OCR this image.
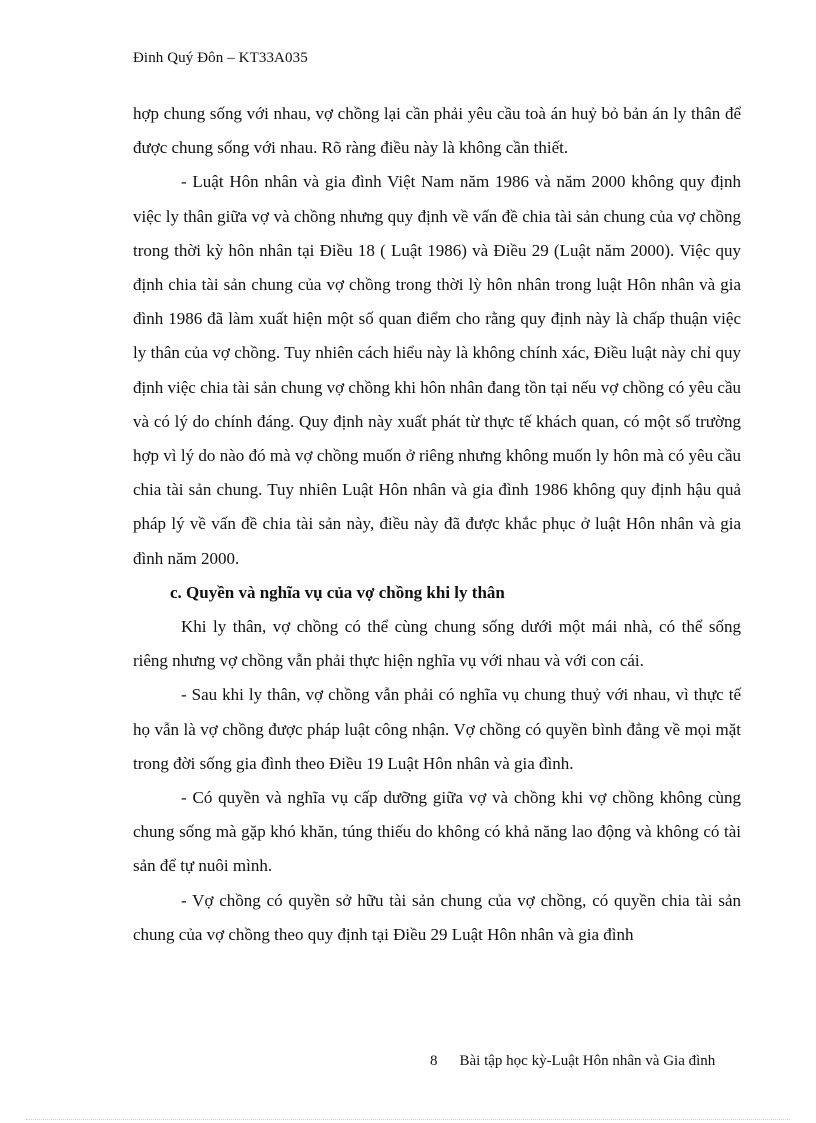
Đinh Quý Đôn – KT33A035

hợp chung sống với nhau, vợ chồng lại cần phải yêu cầu toà án huỷ bỏ bản án ly thân để được chung sống với nhau. Rõ ràng điều này là không cần thiết.

- Luật Hôn nhân và gia đình Việt Nam năm 1986 và năm 2000 không quy định việc ly thân giữa vợ và chồng nhưng quy định về vấn đề chia tài sản chung của vợ chồng trong thời kỳ hôn nhân tại Điều 18 ( Luật 1986) và Điều 29 (Luật năm 2000). Việc quy định chia tài sản chung của vợ chồng trong thời lỳ hôn nhân trong luật Hôn nhân và gia đình 1986 đã làm xuất hiện một số quan điểm cho rằng quy định này là chấp thuận việc ly thân của vợ chồng. Tuy nhiên cách hiểu này là không chính xác, Điều luật này chỉ quy định việc chia tài sản chung vợ chồng khi hôn nhân đang tồn tại nếu vợ chồng có yêu cầu và có lý do chính đáng. Quy định này xuất phát từ thực tế khách quan, có một số trường hợp vì lý do nào đó mà vợ chồng muốn ở riêng nhưng không muốn ly hôn mà có yêu cầu chia tài sản chung. Tuy nhiên Luật Hôn nhân và gia đình 1986 không quy định hậu quả pháp lý về vấn đề chia tài sản này, điều này đã được khắc phục ở luật Hôn nhân và gia đình năm 2000.

c. Quyền và nghĩa vụ của vợ chồng khi ly thân

Khi ly thân, vợ chồng có thể cùng chung sống dưới một mái nhà, có thể sống riêng nhưng vợ chồng vẫn phải thực hiện nghĩa vụ với nhau và với con cái.

- Sau khi ly thân, vợ chồng vẫn phải có nghĩa vụ chung thuỷ với nhau, vì thực tế họ vẫn là vợ chồng được pháp luật công nhận. Vợ chồng có quyền bình đẳng về mọi mặt trong đời sống gia đình theo Điều 19 Luật Hôn nhân và gia đình.

- Có quyền và nghĩa vụ cấp dưỡng giữa vợ và chồng khi vợ chồng không cùng chung sống mà gặp khó khăn, túng thiếu do không có khả năng lao động và không có tài sản để tự nuôi mình.

- Vợ chồng có quyền sở hữu tài sản chung của vợ chồng, có quyền chia tài sản chung của vợ chồng theo quy định tại Điều 29 Luật Hôn nhân và gia đình

8 Bài tập học kỳ-Luật Hôn nhân và Gia đình
